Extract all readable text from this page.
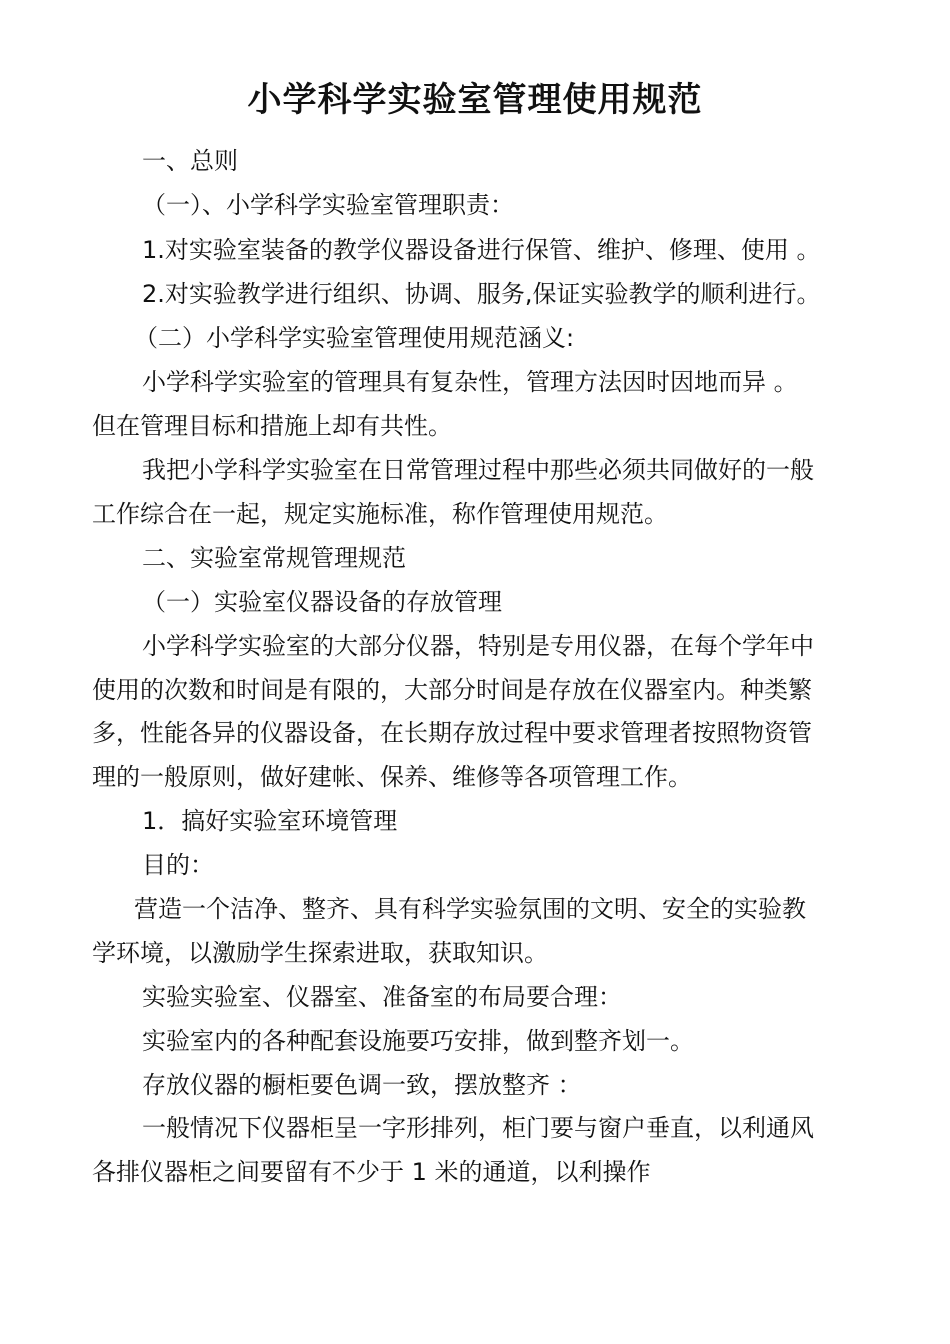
小学科学实验室管理使用规范
一、总则
（一）、小学科学实验室管理职责：
1.对实验室装备的教学仪器设备进行保管、维护、修理、使用 。
2.对实验教学进行组织、协调、服务,保证实验教学的顺利进行。
（二）小学科学实验室管理使用规范涵义:
小学科学实验室的管理具有复杂性，管理方法因时因地而异 。
但在管理目标和措施上却有共性。
我把小学科学实验室在日常管理过程中那些必须共同做好的一般
工作综合在一起，规定实施标准，称作管理使用规范。
二、实验室常规管理规范
（一）实验室仪器设备的存放管理
小学科学实验室的大部分仪器，特别是专用仪器，在每个学年中
使用的次数和时间是有限的，大部分时间是存放在仪器室内。种类繁
多，性能各异的仪器设备，在长期存放过程中要求管理者按照物资管
理的一般原则，做好建帐、保养、维修等各项管理工作。
1．搞好实验室环境管理
目的：
营造一个洁净、整齐、具有科学实验氛围的文明、安全的实验教
学环境，以激励学生探索进取，获取知识。
实验实验室、仪器室、准备室的布局要合理：
实验室内的各种配套设施要巧安排，做到整齐划一。
存放仪器的橱柜要色调一致，摆放整齐 ：
一般情况下仪器柜呈一字形排列，柜门要与窗户垂直，以利通风
各排仪器柜之间要留有不少于 1 米的通道，以利操作
